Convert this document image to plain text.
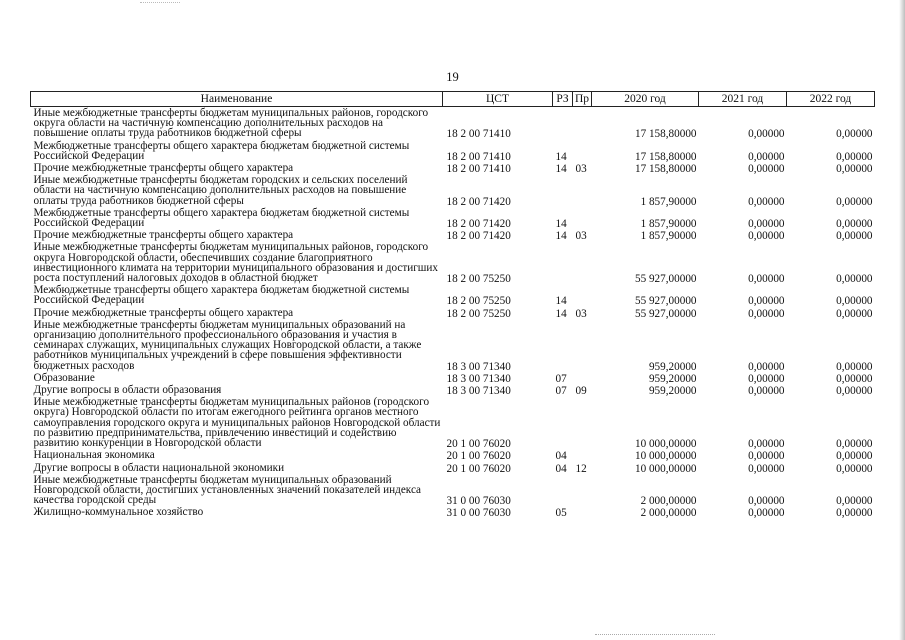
19
Наименование	ЦСТ	РЗ	Пр	2020 год	2021 год	2022 год
Иные межбюджетные трансферты бюджетам муниципальных районов, городского округа области на частичную компенсацию дополнительных расходов на повышение оплаты труда работников бюджетной сферы	18 2 00 71410			17 158,80000	0,00000	0,00000
Межбюджетные трансферты общего характера бюджетам бюджетной системы Российской Федерации	18 2 00 71410	14		17 158,80000	0,00000	0,00000
Прочие межбюджетные трансферты общего характера	18 2 00 71410	14	03	17 158,80000	0,00000	0,00000
Иные межбюджетные трансферты бюджетам городских и сельских поселений области на частичную компенсацию дополнительных расходов на повышение оплаты труда работников бюджетной сферы	18 2 00 71420			1 857,90000	0,00000	0,00000
Межбюджетные трансферты общего характера бюджетам бюджетной системы Российской Федерации	18 2 00 71420	14		1 857,90000	0,00000	0,00000
Прочие межбюджетные трансферты общего характера	18 2 00 71420	14	03	1 857,90000	0,00000	0,00000
Иные межбюджетные трансферты бюджетам муниципальных районов, городского округа Новгородской области, обеспечивших создание благоприятного инвестиционного климата на территории муниципального образования и достигших роста поступлений налоговых доходов в областной бюджет	18 2 00 75250			55 927,00000	0,00000	0,00000
Межбюджетные трансферты общего характера бюджетам бюджетной системы Российской Федерации	18 2 00 75250	14		55 927,00000	0,00000	0,00000
Прочие межбюджетные трансферты общего характера	18 2 00 75250	14	03	55 927,00000	0,00000	0,00000
Иные межбюджетные трансферты бюджетам муниципальных образований на организацию дополнительного профессионального образования и участия в семинарах служащих, муниципальных служащих Новгородской области, а также работников муниципальных учреждений в сфере повышения эффективности бюджетных расходов	18 3 00 71340			959,20000	0,00000	0,00000
Образование	18 3 00 71340	07		959,20000	0,00000	0,00000
Другие вопросы в области образования	18 3 00 71340	07	09	959,20000	0,00000	0,00000
Иные межбюджетные трансферты бюджетам муниципальных районов (городского округа) Новгородской области по итогам ежегодного рейтинга органов местного самоуправления городского округа и муниципальных районов Новгородской области по развитию предпринимательства, привлечению инвестиций и содействию развитию конкуренции в Новгородской области	20 1 00 76020			10 000,00000	0,00000	0,00000
Национальная экономика	20 1 00 76020	04		10 000,00000	0,00000	0,00000
Другие вопросы в области национальной экономики	20 1 00 76020	04	12	10 000,00000	0,00000	0,00000
Иные межбюджетные трансферты бюджетам муниципальных образований Новгородской области, достигших установленных значений показателей индекса качества городской среды	31 0 00 76030			2 000,00000	0,00000	0,00000
Жилищно-коммунальное хозяйство	31 0 00 76030	05		2 000,00000	0,00000	0,00000
